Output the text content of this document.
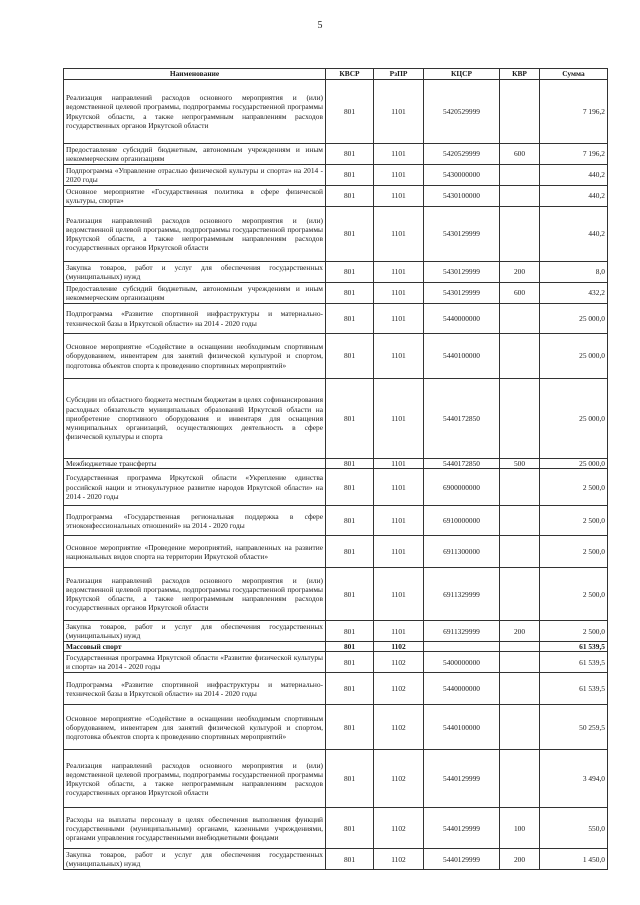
5
Наименование	КВСР	РзПР	КЦСР	КВР	Сумма
Реализация направлений расходов основного мероприятия и (или) ведомственной целевой программы, подпрограммы государственной программы Иркутской области, а также непрограммным направлениям расходов государственных органов Иркутской области	801	1101	5420529999		7 196,2
Предоставление субсидий бюджетным, автономным учреждениям и иным некоммерческим организациям	801	1101	5420529999	600	7 196,2
Подпрограмма «Управление отраслью физической культуры и спорта» на 2014 - 2020 годы	801	1101	5430000000		440,2
Основное мероприятие «Государственная политика в сфере физической культуры, спорта»	801	1101	5430100000		440,2
Реализация направлений расходов основного мероприятия и (или) ведомственной целевой программы, подпрограммы государственной программы Иркутской области, а также непрограммным направлениям расходов государственных органов Иркутской области	801	1101	5430129999		440,2
Закупка товаров, работ и услуг для обеспечения государственных (муниципальных) нужд	801	1101	5430129999	200	8,0
Предоставление субсидий бюджетным, автономным учреждениям и иным некоммерческим организациям	801	1101	5430129999	600	432,2
Подпрограмма «Развитие спортивной инфраструктуры и материально- технической базы в Иркутской области» на 2014 - 2020 годы	801	1101	5440000000		25 000,0
Основное мероприятие «Содействие в оснащении необходимым спортивным оборудованием, инвентарем для занятий физической культурой и спортом, подготовка объектов спорта к проведению спортивных мероприятий»	801	1101	5440100000		25 000,0
Субсидии из областного бюджета местным бюджетам в целях софинансирования расходных обязательств муниципальных образований Иркутской области на приобретение спортивного оборудования и инвентаря для оснащения муниципальных организаций, осуществляющих деятельность в сфере физической культуры и спорта	801	1101	5440172850		25 000,0
Межбюджетные трансферты	801	1101	5440172850	500	25 000,0
Государственная программа Иркутской области «Укрепление единства российской нации и этнокультурное развитие народов Иркутской области» на 2014 - 2020 годы	801	1101	6900000000		2 500,0
Подпрограмма «Государственная региональная поддержка в сфере этноконфессиональных отношений» на 2014 - 2020 годы	801	1101	6910000000		2 500,0
Основное мероприятие «Проведение мероприятий, направленных на развитие национальных видов спорта на территории Иркутской области»	801	1101	6911300000		2 500,0
Реализация направлений расходов основного мероприятия и (или) ведомственной целевой программы, подпрограммы государственной программы Иркутской области, а также непрограммным направлениям расходов государственных органов Иркутской области	801	1101	6911329999		2 500,0
Закупка товаров, работ и услуг для обеспечения государственных (муниципальных) нужд	801	1101	6911329999	200	2 500,0
Массовый спорт	801	1102			61 539,5
Государственная программа Иркутской области «Развитие физической культуры и спорта» на 2014 - 2020 годы	801	1102	5400000000		61 539,5
Подпрограмма «Развитие спортивной инфраструктуры и материально- технической базы в Иркутской области» на 2014 - 2020 годы	801	1102	5440000000		61 539,5
Основное мероприятие «Содействие в оснащении необходимым спортивным оборудованием, инвентарем для занятий физической культурой и спортом, подготовка объектов спорта к проведению спортивных мероприятий»	801	1102	5440100000		50 259,5
Реализация направлений расходов основного мероприятия и (или) ведомственной целевой программы, подпрограммы государственной программы Иркутской области, а также непрограммным направлениям расходов государственных органов Иркутской области	801	1102	5440129999		3 494,0
Расходы на выплаты персоналу в целях обеспечения выполнения функций государственными (муниципальными) органами, казенными учреждениями, органами управления государственными внебюджетными фондами	801	1102	5440129999	100	550,0
Закупка товаров, работ и услуг для обеспечения государственных (муниципальных) нужд	801	1102	5440129999	200	1 450,0
